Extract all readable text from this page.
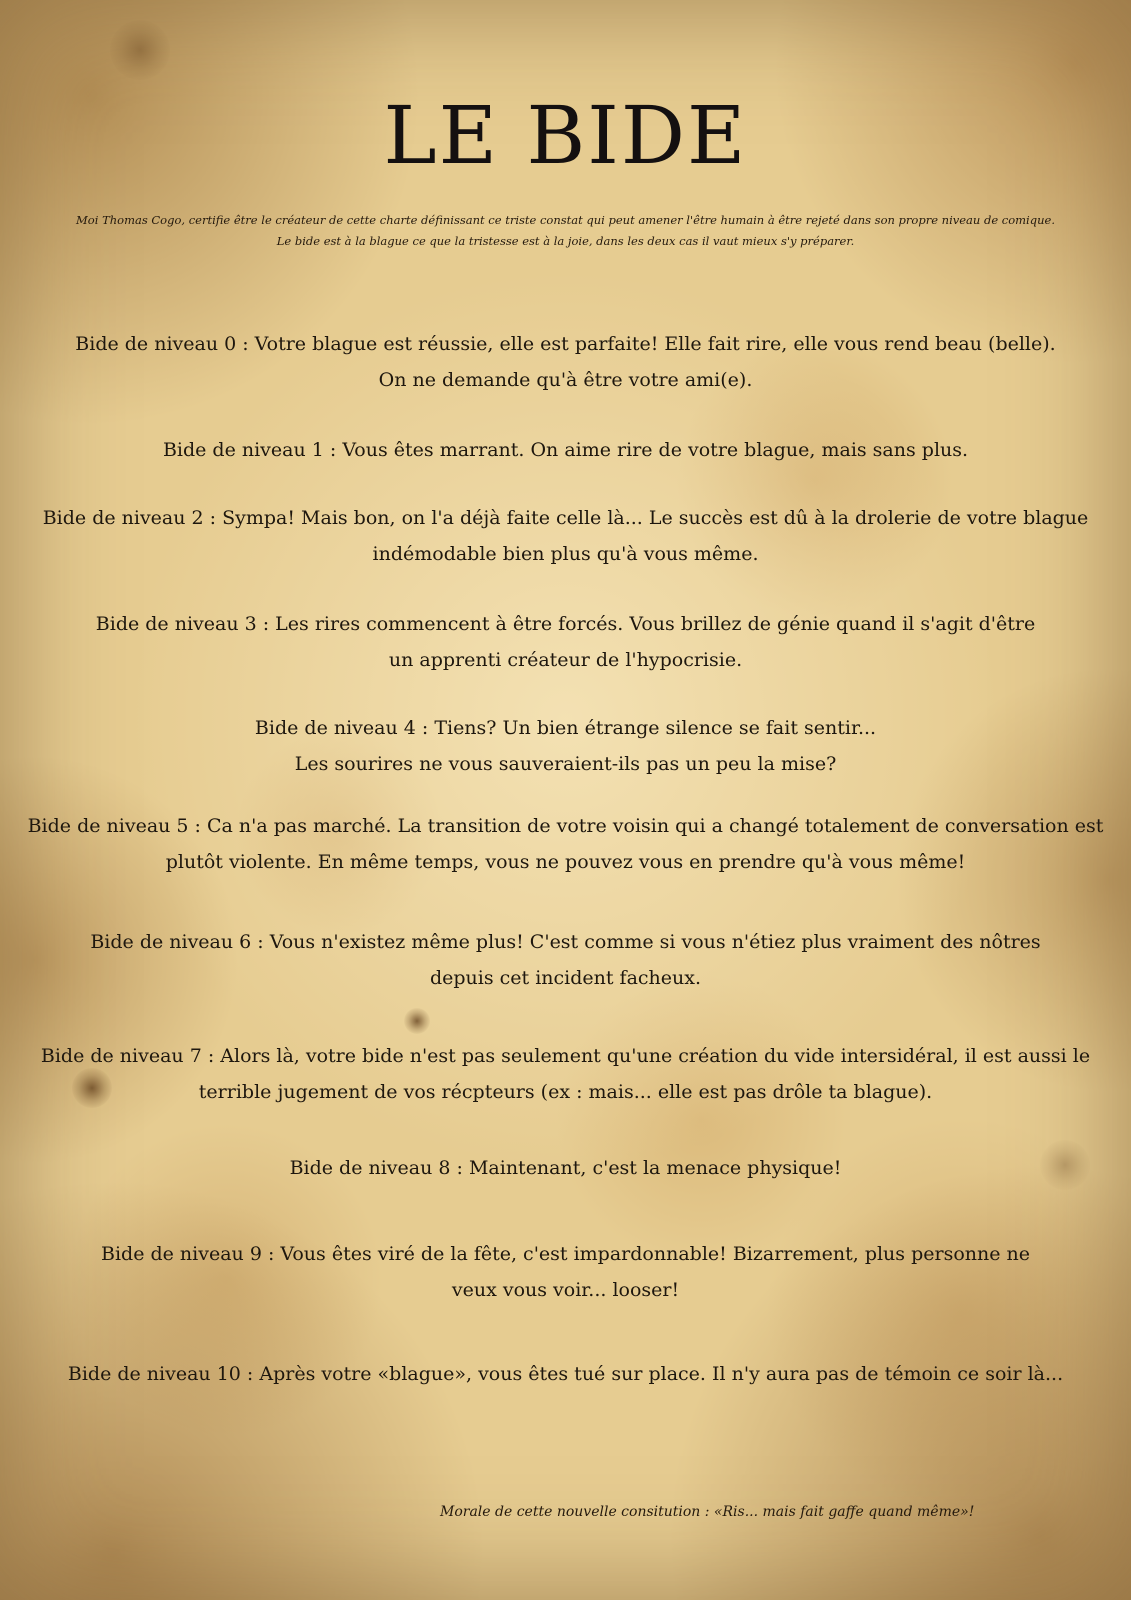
LE BIDE
Moi Thomas Cogo, certifie être le créateur de cette charte définissant ce triste constat qui peut amener l'être humain à être rejeté dans son propre niveau de comique.
Le bide est à la blague ce que la tristesse est à la joie, dans les deux cas il vaut mieux s'y préparer.
Bide de niveau 0 : Votre blague est réussie, elle est parfaite! Elle fait rire, elle vous rend beau (belle).
On ne demande qu'à être votre ami(e).
Bide de niveau 1 : Vous êtes marrant. On aime rire de votre blague, mais sans plus.
Bide de niveau 2 : Sympa! Mais bon, on l'a déjà faite celle là... Le succès est dû à la drolerie de votre blague
indémodable bien plus qu'à vous même.
Bide de niveau 3 : Les rires commencent à être forcés. Vous brillez de génie quand il s'agit d'être
un apprenti créateur de l'hypocrisie.
Bide de niveau 4 : Tiens? Un bien étrange silence se fait sentir...
Les sourires ne vous sauveraient-ils pas un peu la mise?
Bide de niveau 5 : Ca n'a pas marché. La transition de votre voisin qui a changé totalement de conversation est
plutôt violente. En même temps, vous ne pouvez vous en prendre qu'à vous même!
Bide de niveau 6 : Vous n'existez même plus! C'est comme si vous n'étiez plus vraiment des nôtres
depuis cet incident facheux.
Bide de niveau 7 : Alors là, votre bide n'est pas seulement qu'une création du vide intersidéral, il est aussi le
terrible jugement de vos récpteurs (ex : mais... elle est pas drôle ta blague).
Bide de niveau 8 : Maintenant, c'est la menace physique!
Bide de niveau 9 : Vous êtes viré de la fête, c'est impardonnable! Bizarrement, plus personne ne
veux vous voir... looser!
Bide de niveau 10 : Après votre «blague», vous êtes tué sur place. Il n'y aura pas de témoin ce soir là...
Morale de cette nouvelle consitution : «Ris... mais fait gaffe quand même»!
